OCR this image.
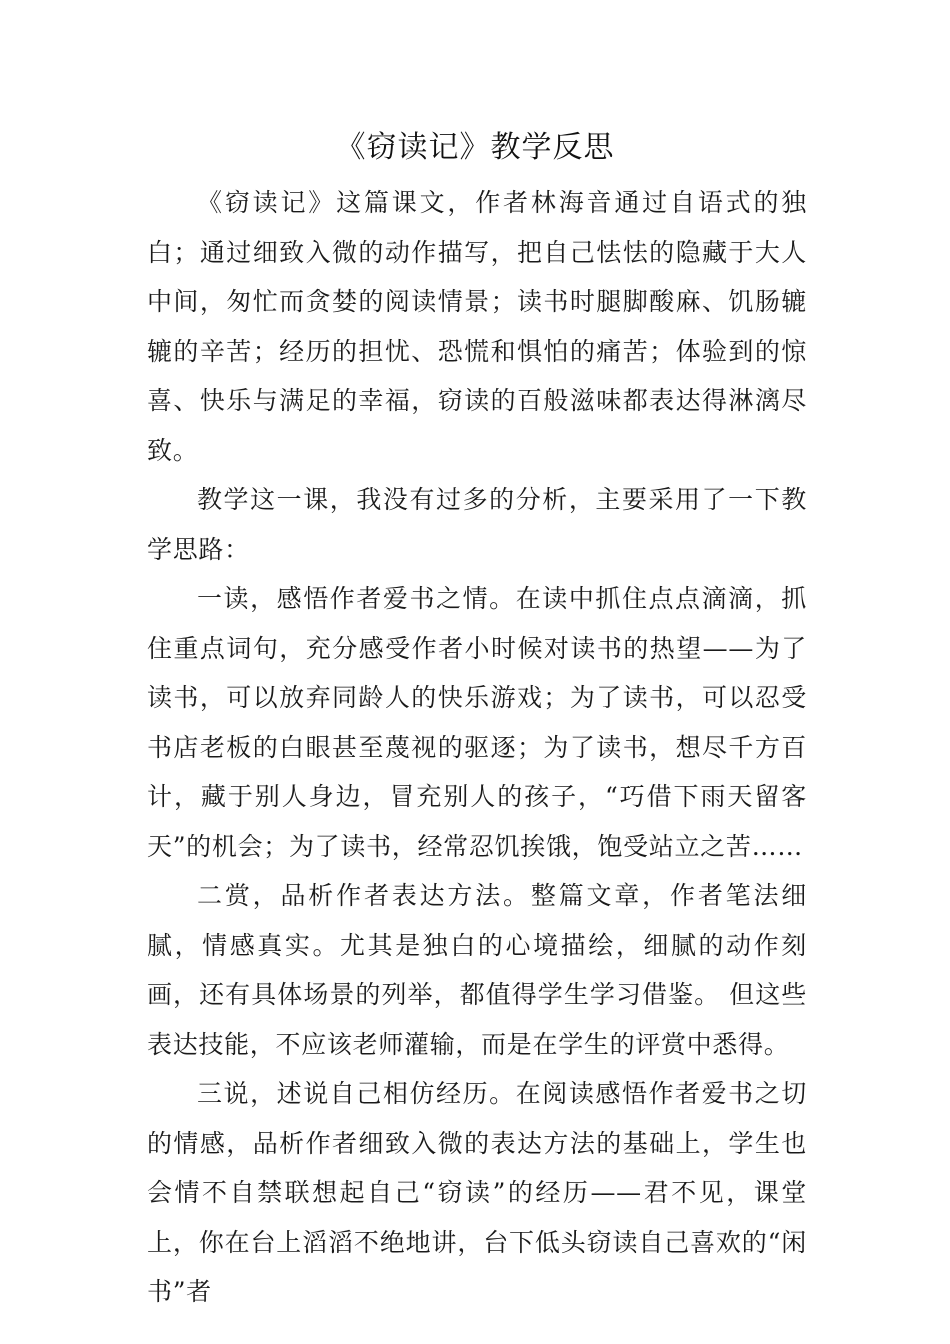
《窃读记》教学反思

《窃读记》这篇课文，作者林海音通过自语式的独白；通过细致入微的动作描写，把自己怯怯的隐藏于大人中间，匆忙而贪婪的阅读情景；读书时腿脚酸麻、饥肠辘辘的辛苦；经历的担忧、恐慌和惧怕的痛苦；体验到的惊喜、快乐与满足的幸福，窃读的百般滋味都表达得淋漓尽致。

教学这一课，我没有过多的分析，主要采用了一下教学思路：

一读，感悟作者爱书之情。在读中抓住点点滴滴，抓住重点词句，充分感受作者小时候对读书的热望——为了读书，可以放弃同龄人的快乐游戏；为了读书，可以忍受书店老板的白眼甚至蔑视的驱逐；为了读书，想尽千方百计，藏于别人身边，冒充别人的孩子，“巧借下雨天留客天”的机会；为了读书，经常忍饥挨饿，饱受站立之苦……

二赏，品析作者表达方法。整篇文章，作者笔法细腻，情感真实。尤其是独白的心境描绘，细腻的动作刻画，还有具体场景的列举，都值得学生学习借鉴。 但这些表达技能，不应该老师灌输，而是在学生的评赏中悉得。

三说，述说自己相仿经历。在阅读感悟作者爱书之切的情感，品析作者细致入微的表达方法的基础上，学生也会情不自禁联想起自己“窃读”的经历——君不见，课堂上，你在台上滔滔不绝地讲，台下低头窃读自己喜欢的“闲书”者
